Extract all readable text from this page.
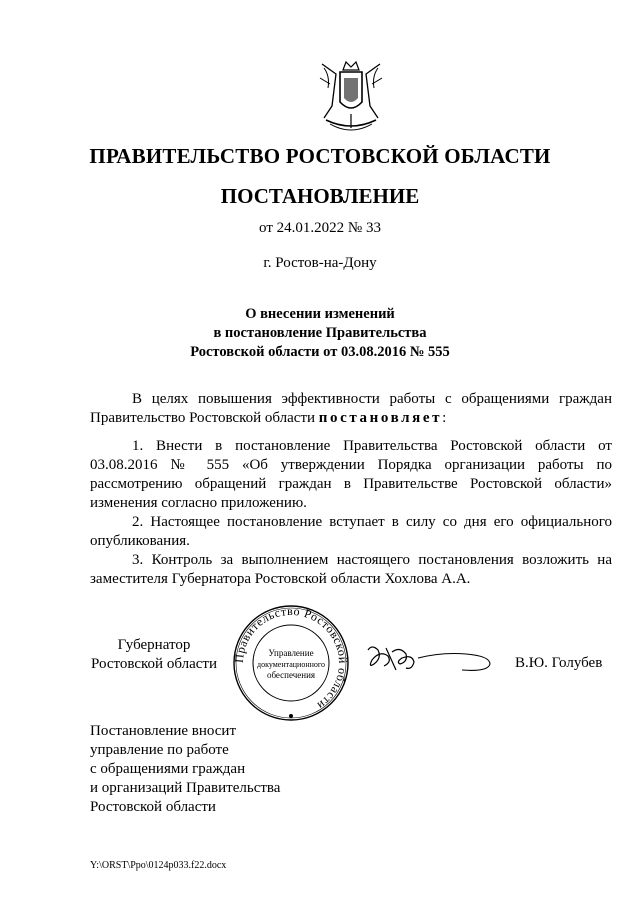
ПРАВИТЕЛЬСТВО РОСТОВСКОЙ ОБЛАСТИ
ПОСТАНОВЛЕНИЕ
от 24.01.2022 № 33
г. Ростов-на-Дону
О внесении изменений
в постановление Правительства
Ростовской области от 03.08.2016 № 555

В целях повышения эффективности работы с обращениями граждан Правительство Ростовской области постановляет:

1. Внести в постановление Правительства Ростовской области от 03.08.2016 № 555 «Об утверждении Порядка организации работы по рассмотрению обращений граждан в Правительстве Ростовской области» изменения согласно приложению.

2. Настоящее постановление вступает в силу со дня его официального опубликования.

3. Контроль за выполнением настоящего постановления возложить на заместителя Губернатора Ростовской области Хохлова А.А.

Губернатор
Ростовской области Правительство Ростовской области
Управление
документационного
обеспечения
В.Ю. Голубев
Постановление вносит
управление по работе
с обращениями граждан
и организаций Правительства
Ростовской области
Y:\ORST\Ppo\0124p033.f22.docx
